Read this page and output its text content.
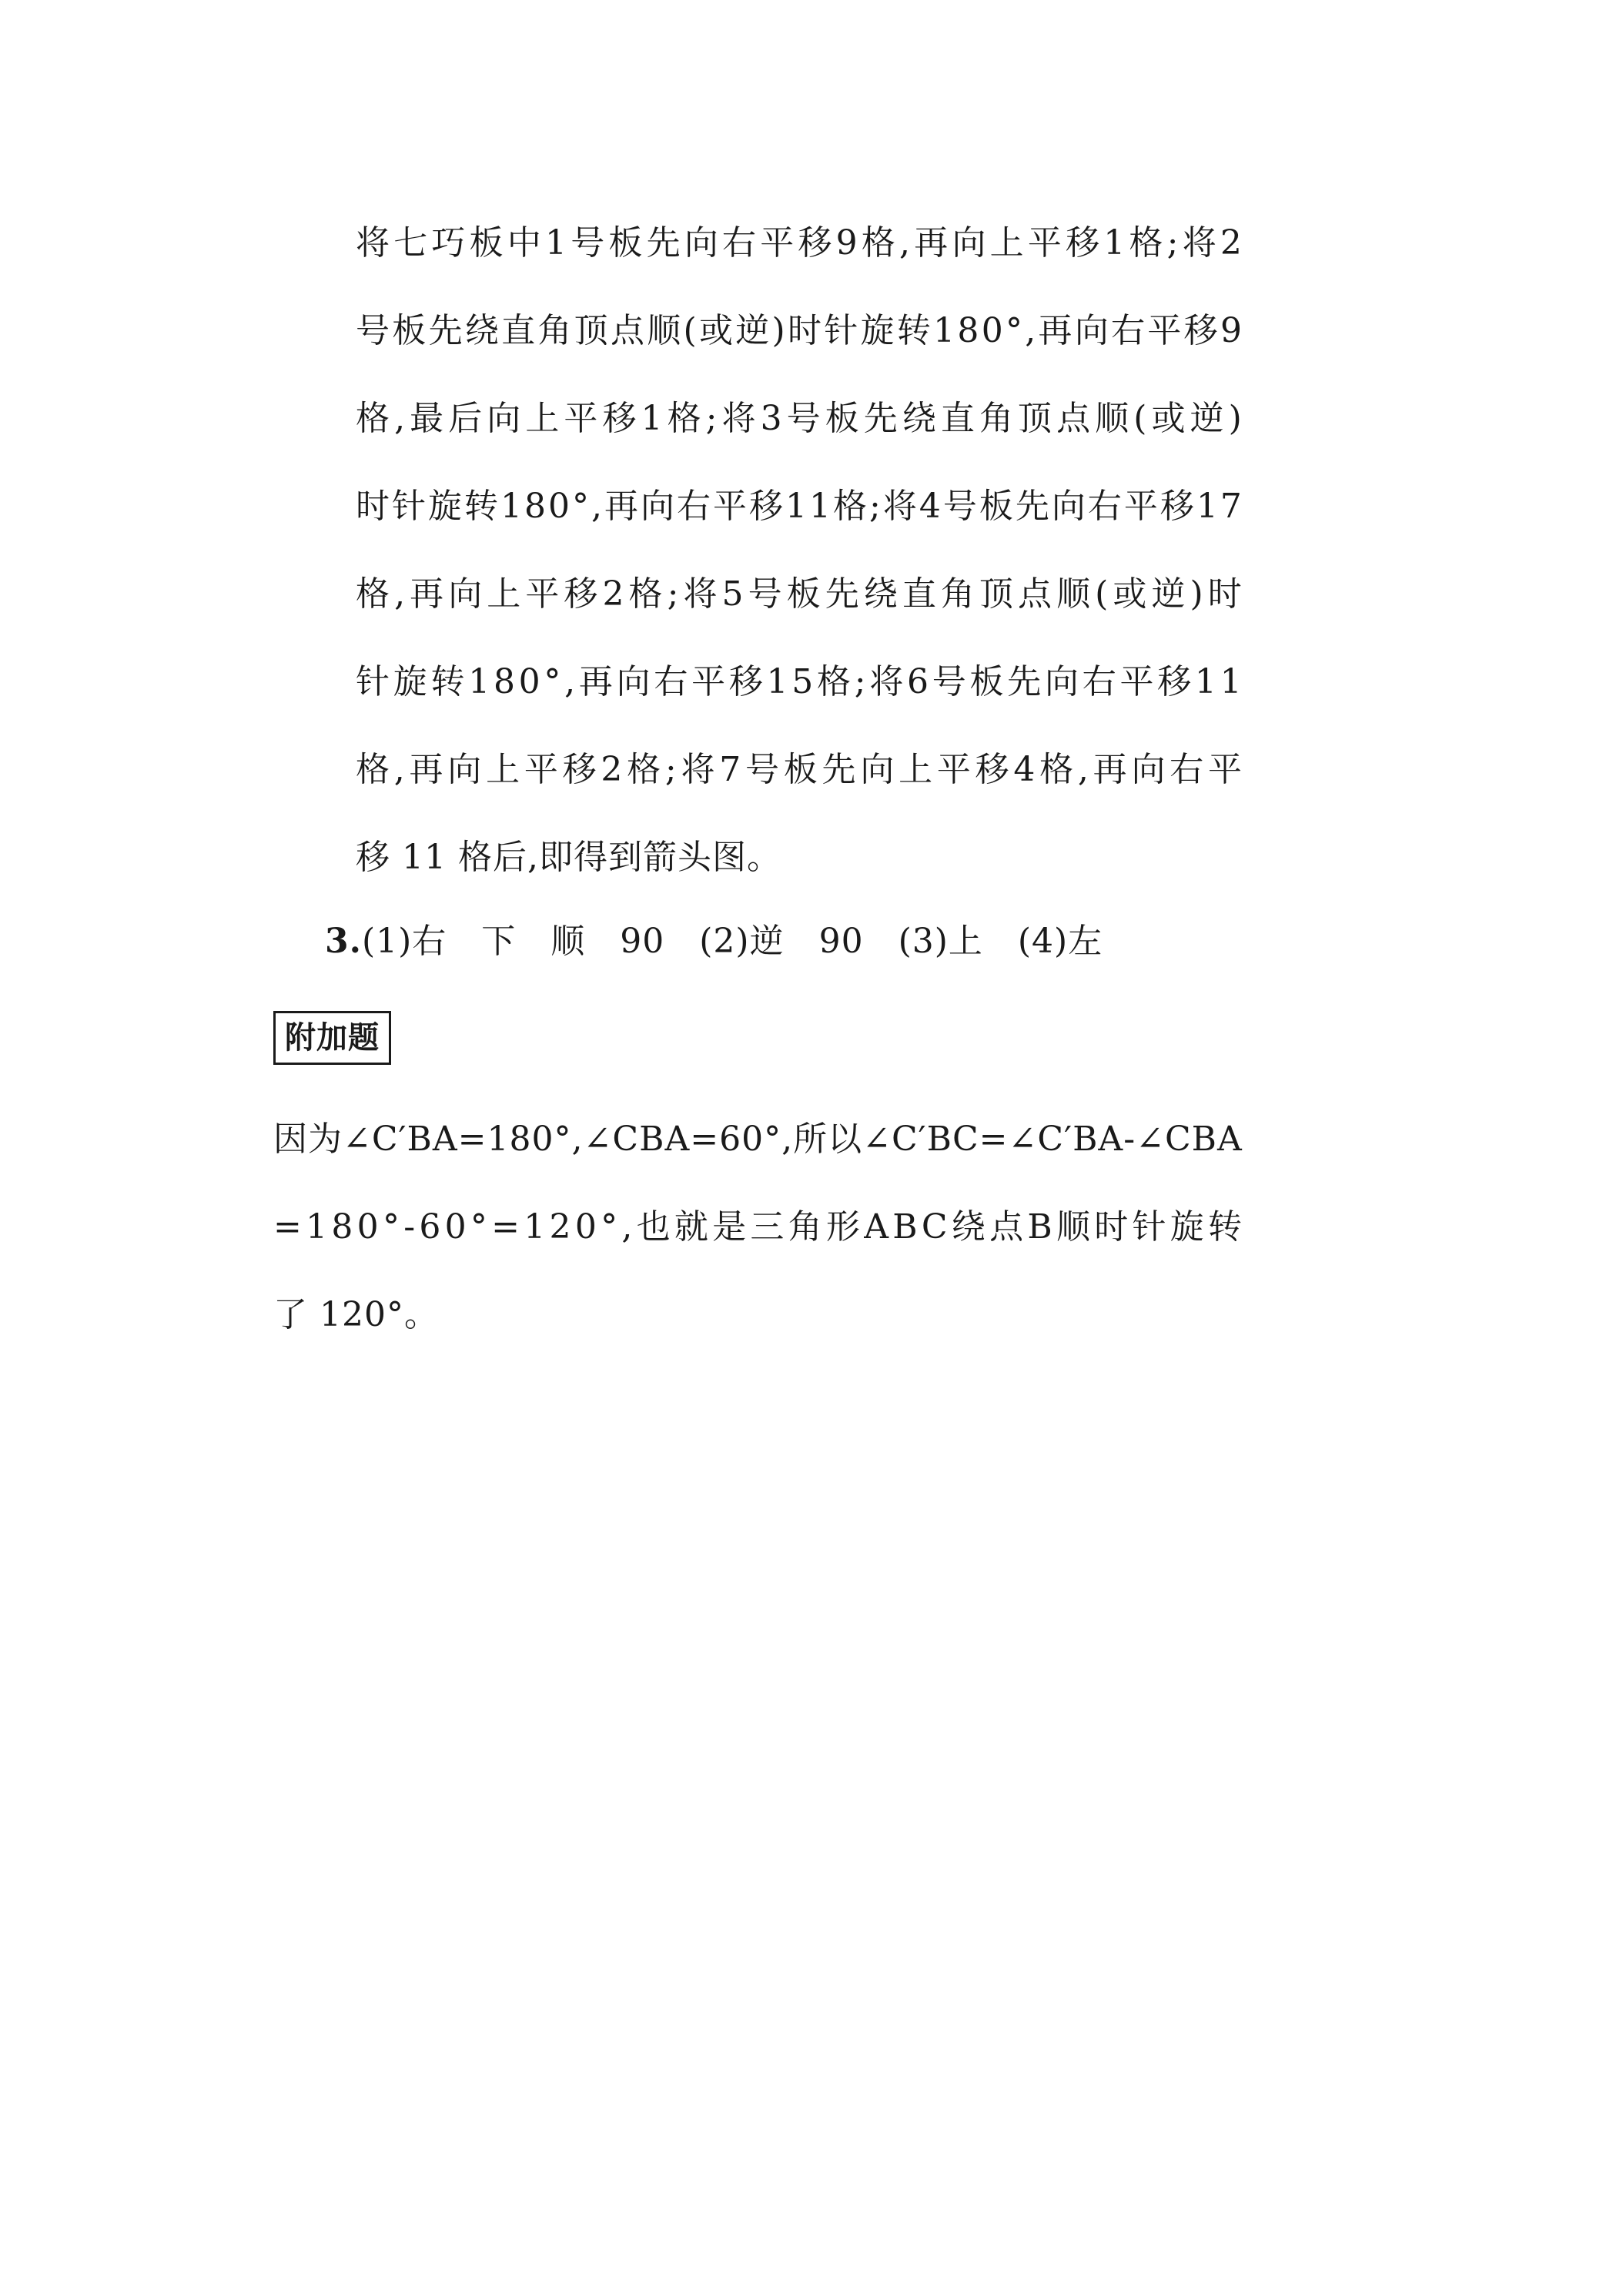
将 七 巧 板 中 1 号 板 先 向 右 平 移 9 格 , 再 向 上 平 移 1 格 ; 将 2
号 板 先 绕 直 角 顶 点 顺 ( 或 逆 ) 时 针 旋 转 1 8 0 ° , 再 向 右 平 移 9
格 , 最 后 向 上 平 移 1 格 ; 将 3 号 板 先 绕 直 角 顶 点 顺 ( 或 逆 )
时 针 旋 转 1 8 0 ° , 再 向 右 平 移 1 1 格 ; 将 4 号 板 先 向 右 平 移 1 7
格 , 再 向 上 平 移 2 格 ; 将 5 号 板 先 绕 直 角 顶 点 顺 ( 或 逆 ) 时
针 旋 转 1 8 0 ° , 再 向 右 平 移 1 5 格 ; 将 6 号 板 先 向 右 平 移 1 1
格 , 再 向 上 平 移 2 格 ; 将 7 号 板 先 向 上 平 移 4 格 , 再 向 右 平
移 11 格后,即得到箭头图。
3.(1)右　下　顺　90　(2)逆　90　(3)上　(4)左
附加题
因 为 ∠ C ′ B A = 1 8 0 ° , ∠ C B A = 6 0 ° , 所 以 ∠ C ′ B C = ∠ C ′ B A - ∠ C B A
= 1 8 0 ° - 6 0 ° = 1 2 0 ° , 也 就 是 三 角 形 A B C 绕 点 B 顺 时 针 旋 转
了 120°。
